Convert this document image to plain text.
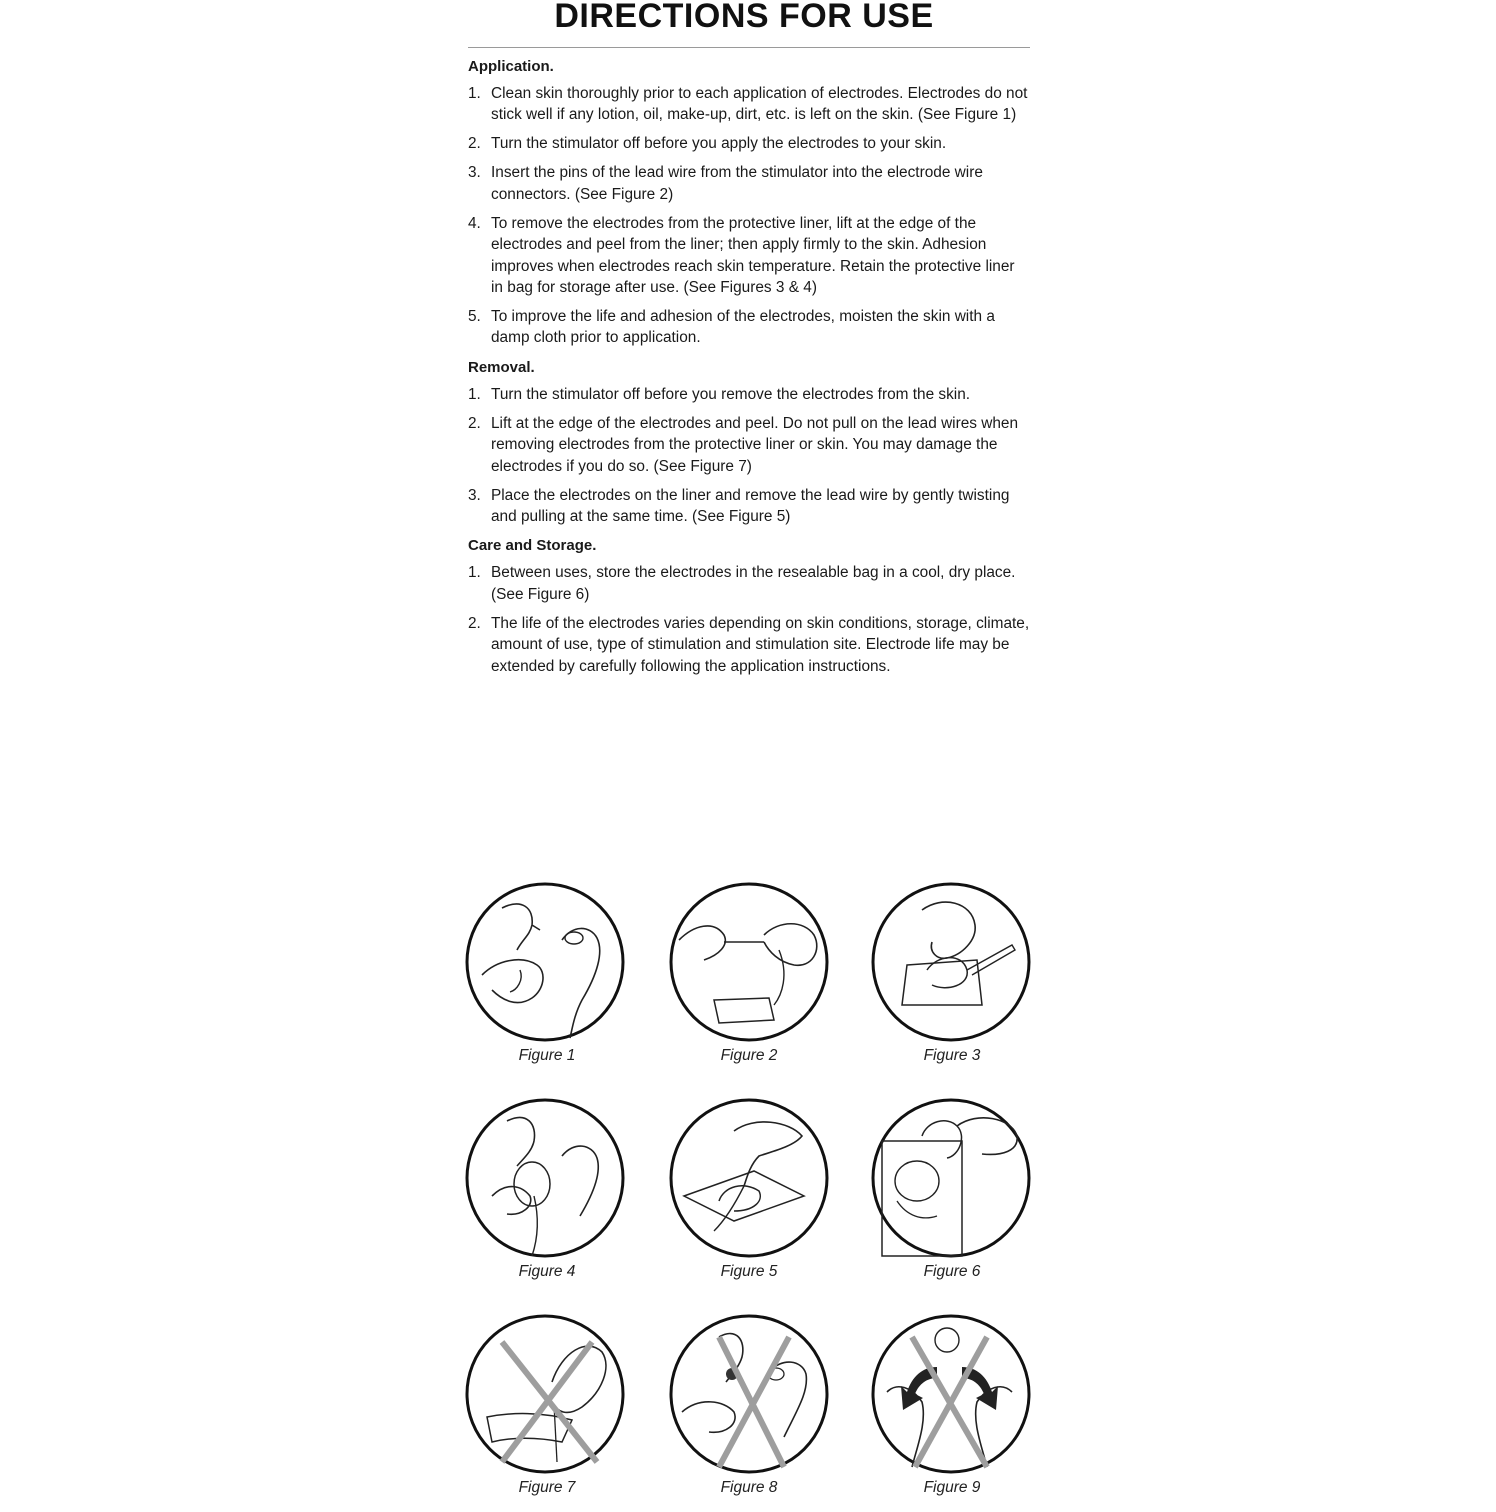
DIRECTIONS FOR USE
Application.
1. Clean skin thoroughly prior to each application of electrodes. Electrodes do not stick well if any lotion, oil, make-up, dirt, etc. is left on the skin. (See Figure 1)
2. Turn the stimulator off before you apply the electrodes to your skin.
3. Insert the pins of the lead wire from the stimulator into the electrode wire connectors. (See Figure 2)
4. To remove the electrodes from the protective liner, lift at the edge of the electrodes and peel from the liner; then apply firmly to the skin. Adhesion improves when electrodes reach skin temperature. Retain the protective liner in bag for storage after use. (See Figures 3 & 4)
5. To improve the life and adhesion of the electrodes, moisten the skin with a damp cloth prior to application.
Removal.
1. Turn the stimulator off before you remove the electrodes from the skin.
2. Lift at the edge of the electrodes and peel. Do not pull on the lead wires when removing electrodes from the protective liner or skin. You may damage the electrodes if you do so. (See Figure 7)
3. Place the electrodes on the liner and remove the lead wire by gently twisting and pulling at the same time. (See Figure 5)
Care and Storage.
1. Between uses, store the electrodes in the resealable bag in a cool, dry place. (See Figure 6)
2. The life of the electrodes varies depending on skin conditions, storage, climate, amount of use, type of stimulation and stimulation site. Electrode life may be extended by carefully following the application instructions.
Figure 1	Figure 2	Figure 3
Figure 4	Figure 5	Figure 6
Figure 7	Figure 8	Figure 9
